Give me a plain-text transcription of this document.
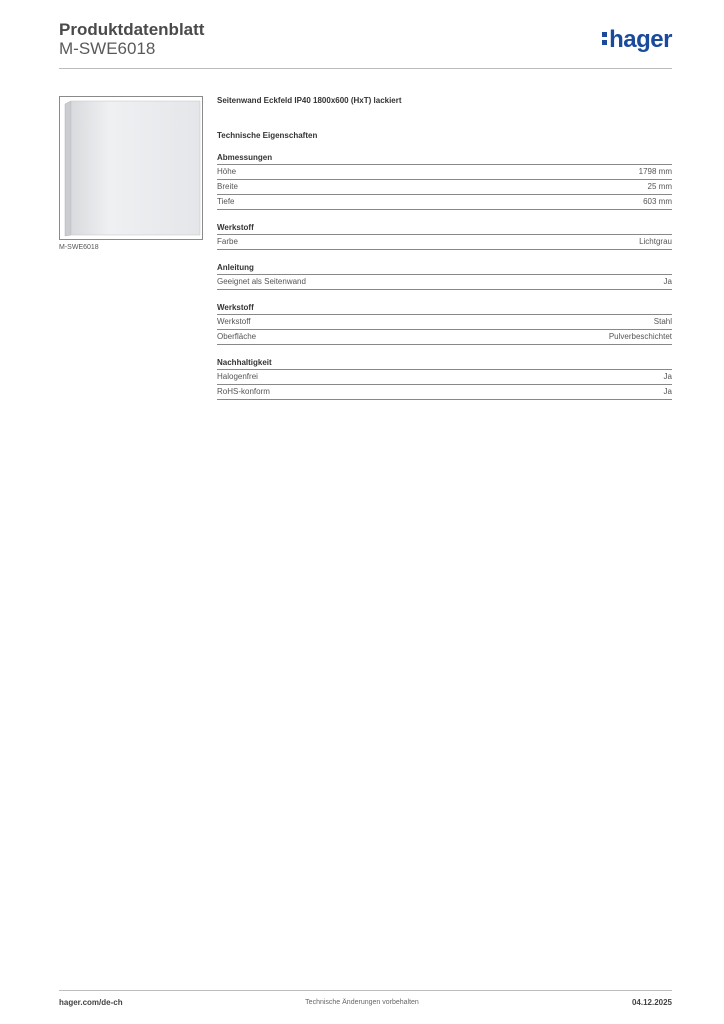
Produktdatenblatt
M-SWE6018	hager
M-SWE6018
Seitenwand Eckfeld IP40 1800x600 (HxT) lackiert
Technische Eigenschaften
Abmessungen
Höhe	1798 mm
Breite	25 mm
Tiefe	603 mm
Werkstoff
Farbe	Lichtgrau
Anleitung
Geeignet als Seitenwand	Ja
Werkstoff
Werkstoff	Stahl
Oberfläche	Pulverbeschichtet
Nachhaltigkeit
Halogenfrei	Ja
RoHS-konform	Ja
hager.com/de-ch	Technische Änderungen vorbehalten	04.12.2025
